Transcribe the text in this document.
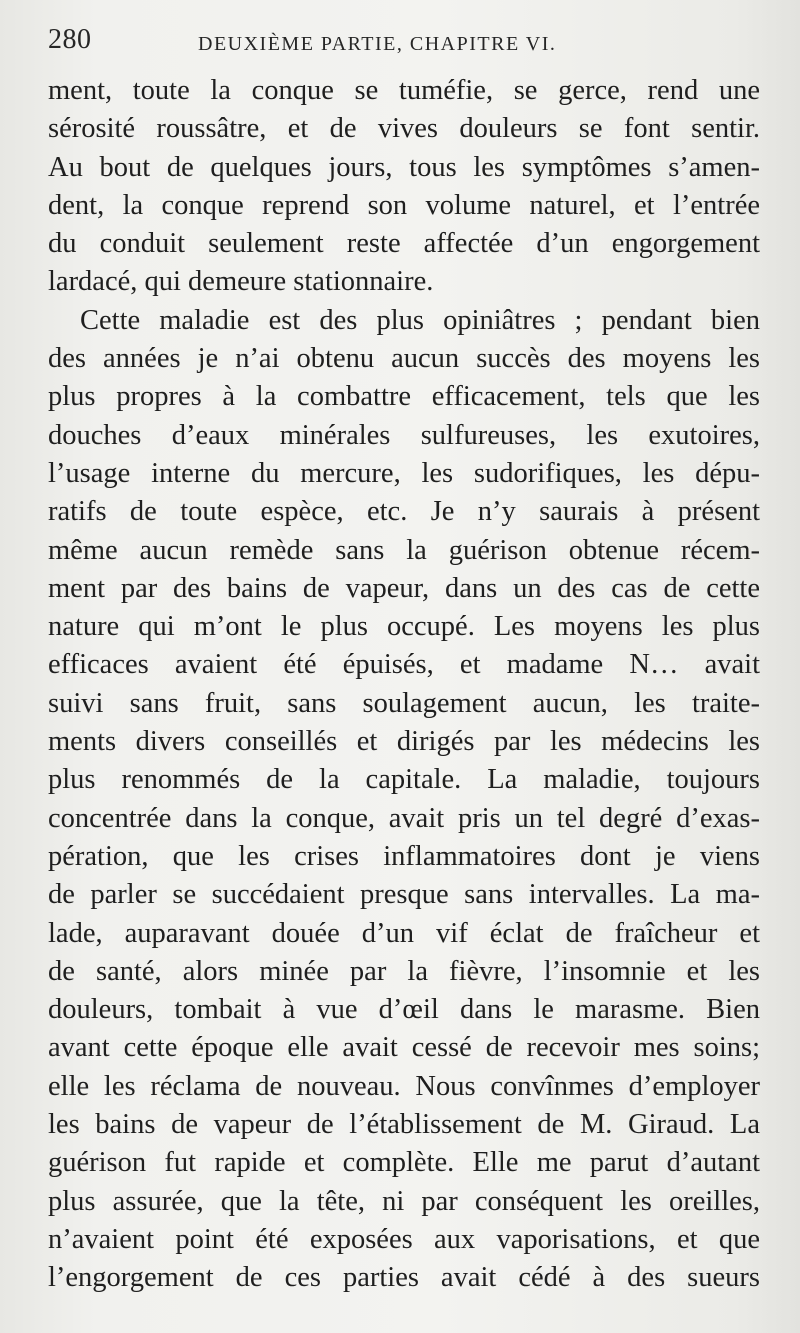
280	DEUXIÈME PARTIE, CHAPITRE VI.
ment, toute la conque se tuméfie, se gerce, rend une
sérosité roussâtre, et de vives douleurs se font sentir.
Au bout de quelques jours, tous les symptômes s’amen-
dent, la conque reprend son volume naturel, et l’entrée
du conduit seulement reste affectée d’un engorgement
lardacé, qui demeure stationnaire.
Cette maladie est des plus opiniâtres ; pendant bien
des années je n’ai obtenu aucun succès des moyens les
plus propres à la combattre efficacement, tels que les
douches d’eaux minérales sulfureuses, les exutoires,
l’usage interne du mercure, les sudorifiques, les dépu-
ratifs de toute espèce, etc. Je n’y saurais à présent
même aucun remède sans la guérison obtenue récem-
ment par des bains de vapeur, dans un des cas de cette
nature qui m’ont le plus occupé. Les moyens les plus
efficaces avaient été épuisés, et madame N… avait
suivi sans fruit, sans soulagement aucun, les traite-
ments divers conseillés et dirigés par les médecins les
plus renommés de la capitale. La maladie, toujours
concentrée dans la conque, avait pris un tel degré d’exas-
pération, que les crises inflammatoires dont je viens
de parler se succédaient presque sans intervalles. La ma-
lade, auparavant douée d’un vif éclat de fraîcheur et
de santé, alors minée par la fièvre, l’insomnie et les
douleurs, tombait à vue d’œil dans le marasme. Bien
avant cette époque elle avait cessé de recevoir mes soins;
elle les réclama de nouveau. Nous convînmes d’employer
les bains de vapeur de l’établissement de M. Giraud. La
guérison fut rapide et complète. Elle me parut d’autant
plus assurée, que la tête, ni par conséquent les oreilles,
n’avaient point été exposées aux vaporisations, et que
l’engorgement de ces parties avait cédé à des sueurs
